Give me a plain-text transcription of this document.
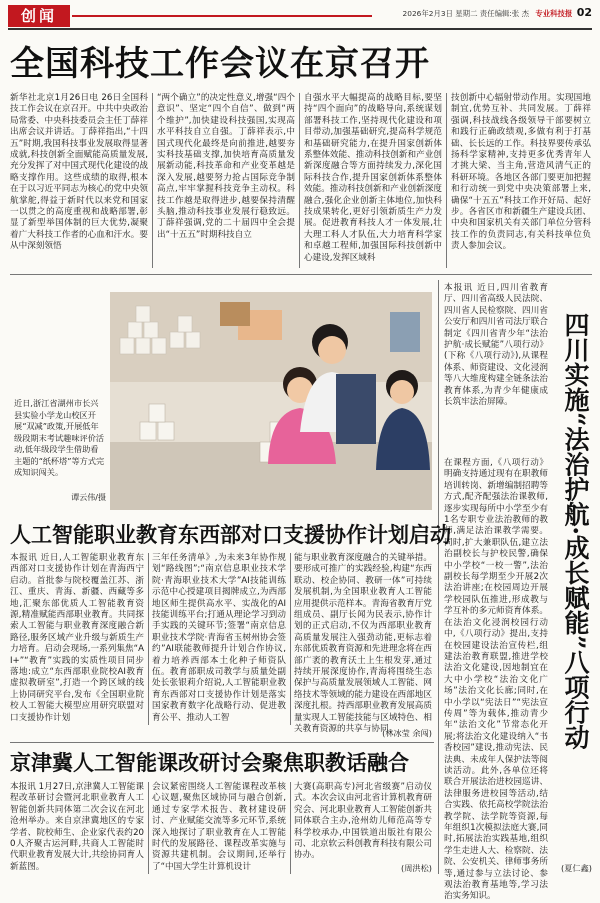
创闻	2026年2月3日 星期二 责任编辑:张 杰 专业科技报 02
全国科技工作会议在京召开
新华社北京1月26日电 26日全国科技工作会议在京召开。中共中央政治局常委、中央科技委员会主任丁薛祥出席会议并讲话。丁薛祥指出,“十四五”时期,我国科技事业发展取得显著成就,科技创新全面赋能高质量发展,充分发挥了对中国式现代化建设的战略支撑作用。这些成绩的取得,根本在于以习近平同志为核心的党中央领航掌舵,得益于新时代以来党和国家一以贯之的高度重视和战略部署,彰显了新型举国体制的巨大优势,凝聚着广大科技工作者的心血和汗水。要从中深刻领悟
“两个确立”的决定性意义,增强“四个意识”、坚定“四个自信”、做到“两个维护”,加快建设科技强国,实现高水平科技自立自强。丁薛祥表示,中国式现代化最终是向前推进,越要夯实科技基础支撑,加快培育高质量发展新动能,科技革命和产业变革越是深入发展,越要努力抢占国际竞争制高点,牢牢掌握科技竞争主动权。科技工作越是取得进步,越要保持清醒头脑,推动科技事业发展行稳致远。丁薛祥强调,党的二十届四中全会提出“十五五”时期科技自立
自强水平大幅提高的战略目标,要坚持“四个面向”的战略导向,系统谋划部署科技工作,坚持现代化建设和项目带动,加强基础研究,提高科学规范和基础研究能力,在提升国家创新体系整体效能、推动科技创新和产业创新深度融合等方面持续发力,深化国际科技合作,提升国家创新体系整体效能。推动科技创新和产业创新深度融合,强化企业创新主体地位,加快科技成果转化,更好引领新质生产力发展。促进教育科技人才一体发展,壮大理工科人才队伍,大力培育科学家和卓越工程师,加强国际科技创新中心建设,发挥区域科
技创新中心辐射带动作用。实现国地制宜,优势互补、共同发展。丁薛祥强调,科技战线各级领导干部要树立和践行正确政绩观,多做有利于打基础、长长远的工作。科技界要传承弘扬科学家精神,支持更多优秀青年人才挑大梁、当主角,营造风清气正的科研环境。各地区各部门要更加把握和行动统一到党中央决策部署上来,确保“十五五”科技工作开好局、起好步。各省区市和新疆生产建设兵团、中央和国家机关有关部门单位分管科技工作的负责同志,有关科技单位负责人参加会议。
近日,浙江省湖州市长兴县实验小学龙山校区开展“双减”政策,开展低年级段期末考试趣味评价活动,低年级段学生借助看主题的“纸杯塔”等方式完成知识闯关。
谭云伟/摄
本报讯 近日,四川省教育厅、四川省高级人民法院、四川省人民检察院、四川省公安厅和四川省司法厅联合制定《四川省青少年“法治护航·成长赋能”八项行动》(下称《八项行动》),从课程体系、师资建设、文化浸润等八大维度构建全链条法治教育体系,为青少年健康成长筑牢法治屏障。	四川实施“法治护航·成长赋能”八项行动
在课程方面,《八项行动》明确支持通过现有在职教师培训转岗、新增编制招聘等方式,配齐配强法治课教师,逐步实现每所中小学至少有1名专职专业法治教师的教师,满足法治课教学需要。同时,扩大兼职队伍,建立法治副校长与护校民警,确保中小学校“一校一警”,法治副校长每学期至少开展2次法治讲座;在校园周边开展学校园队伍推进,形成教与学互补的多元师资育体系。在法治文化浸润校园行动中,《八项行动》提出,支持在校园建设法治宣传栏,组建法治教育联盟,推进学校法治文化建设,因地制宜在大中小学校“法治文化广场”法治文化长廊;同时,在中小学以“宪法日”“宪法宣传周”等为载体,推动青少年“法治文化”节常态化开展;将法治文化建设纳入“书香校园”建设,推动宪法、民法典、未成年人保护法等阅读活动。此外,各单位还将联合开展法治进校园巡讲、法律服务进校园等活动,结合实践、依托高校学院法治教学院、法学院等资源,每年组织1次模拟法庭大赛,同时,拓展法治实践基地,组织学生走进人大、检察院、法院、公安机关、律师事务所等,通过参与立法讨论、参观法治教育基地等,学习法治实务知识。
(夏仁鑫)
人工智能职业教育东西部对口支援协作计划启动
本报讯 近日,人工智能职业教育东西部对口支援协作计划在青海西宁启动。首批参与院校覆盖江苏、浙江、重庆、青海、新疆、西藏等多地,汇聚东部优质人工智能教育资源,精准赋能西部职业教育。共同探索人工智能与职业教育深度融合新路径,服务区域产业升级与新质生产力培育。启动会现场,一系列集焦“AI+”“教育”实践的实质性项目同步落地:成立“东西部职业院校AI教育虚拟教研室”,打造一个跨区域的线上协同研究平台,发布《全国职业院校人工智能大模型应用研究联盟对口支援协作计划
三年任务清单》,为未来3年协作规划“路线图”;“南京信息职业技术学院·青海职业技术大学”AI技能训练示范中心授建项目揭牌成立,为西部地区师生提供高水平、实战化的AI技能训练平台;打通从理论学习到动手实践的关键环节;签署“南京信息职业技术学院·青海省玉树州协会签约”AI联能教师提升计划合作协议,着力培养西部本土化种子师资队伍。教育部职成司教学与质量处副处长张银莉介绍说,人工智能职业教育东西部对口支援协作计划是落实国家教育数字化战略行动、促进教育公平、推动人工智
能与职业教育深度融合的关键举措。要形成可推广的实践经验,构建“东西联动、校企协同、教研一体”可持续发展机制,为全国职业教育人工智能应用提供示范样本。青海省教育厅党组成员、副厅长闻为民表示,协作计划的正式启动,不仅为西部职业教育高质量发展注入强劲动能,更标志着东部优质教育资源和先进理念将在西部广袤的教育沃土上生根发芽,通过持续开展深度协作,青海将围绕生态保护与高质量发展领域人工智能、网络技术等领域的能力建设在西部地区深度扎根。持西部职业教育发展高质量实现人工智能技能与区域特色、相关教育资源的共享与协同。
(林冰莹 余闯)
京津冀人工智能课改研讨会聚焦职教话融合
本报讯 1月27日,京津冀人工智能课程改革研讨会暨河北职业教育人工智能创新共同体第二次会议在河北沧州举办。来自京津冀地区的专家学者、院校师生、企业家代表约200人齐聚古运河畔,共商人工智能时代职业教育发展大计,共绘协同育人新蓝图。
会议紧密围绕人工智能课程改革核心议题,聚焦区域协同与融合创新,通过专家学术报告、教材建设研讨、产业赋能交流等多元环节,系统深入地探讨了职业教育在人工智能时代的发展路径、课程改革实施与资源共建机制。会议期间,还举行了“中国大学生计算机设计
大赛(高职高专)河北省级赛”启动仪式。本次会议由河北省计算机教育研究会、河北职业教育人工智能创新共同体联合主办,沧州幼儿师范高等专科学校承办,中国铁道出版社有限公司、北京软云科创教育科技有限公司协办。
(周洪松)
